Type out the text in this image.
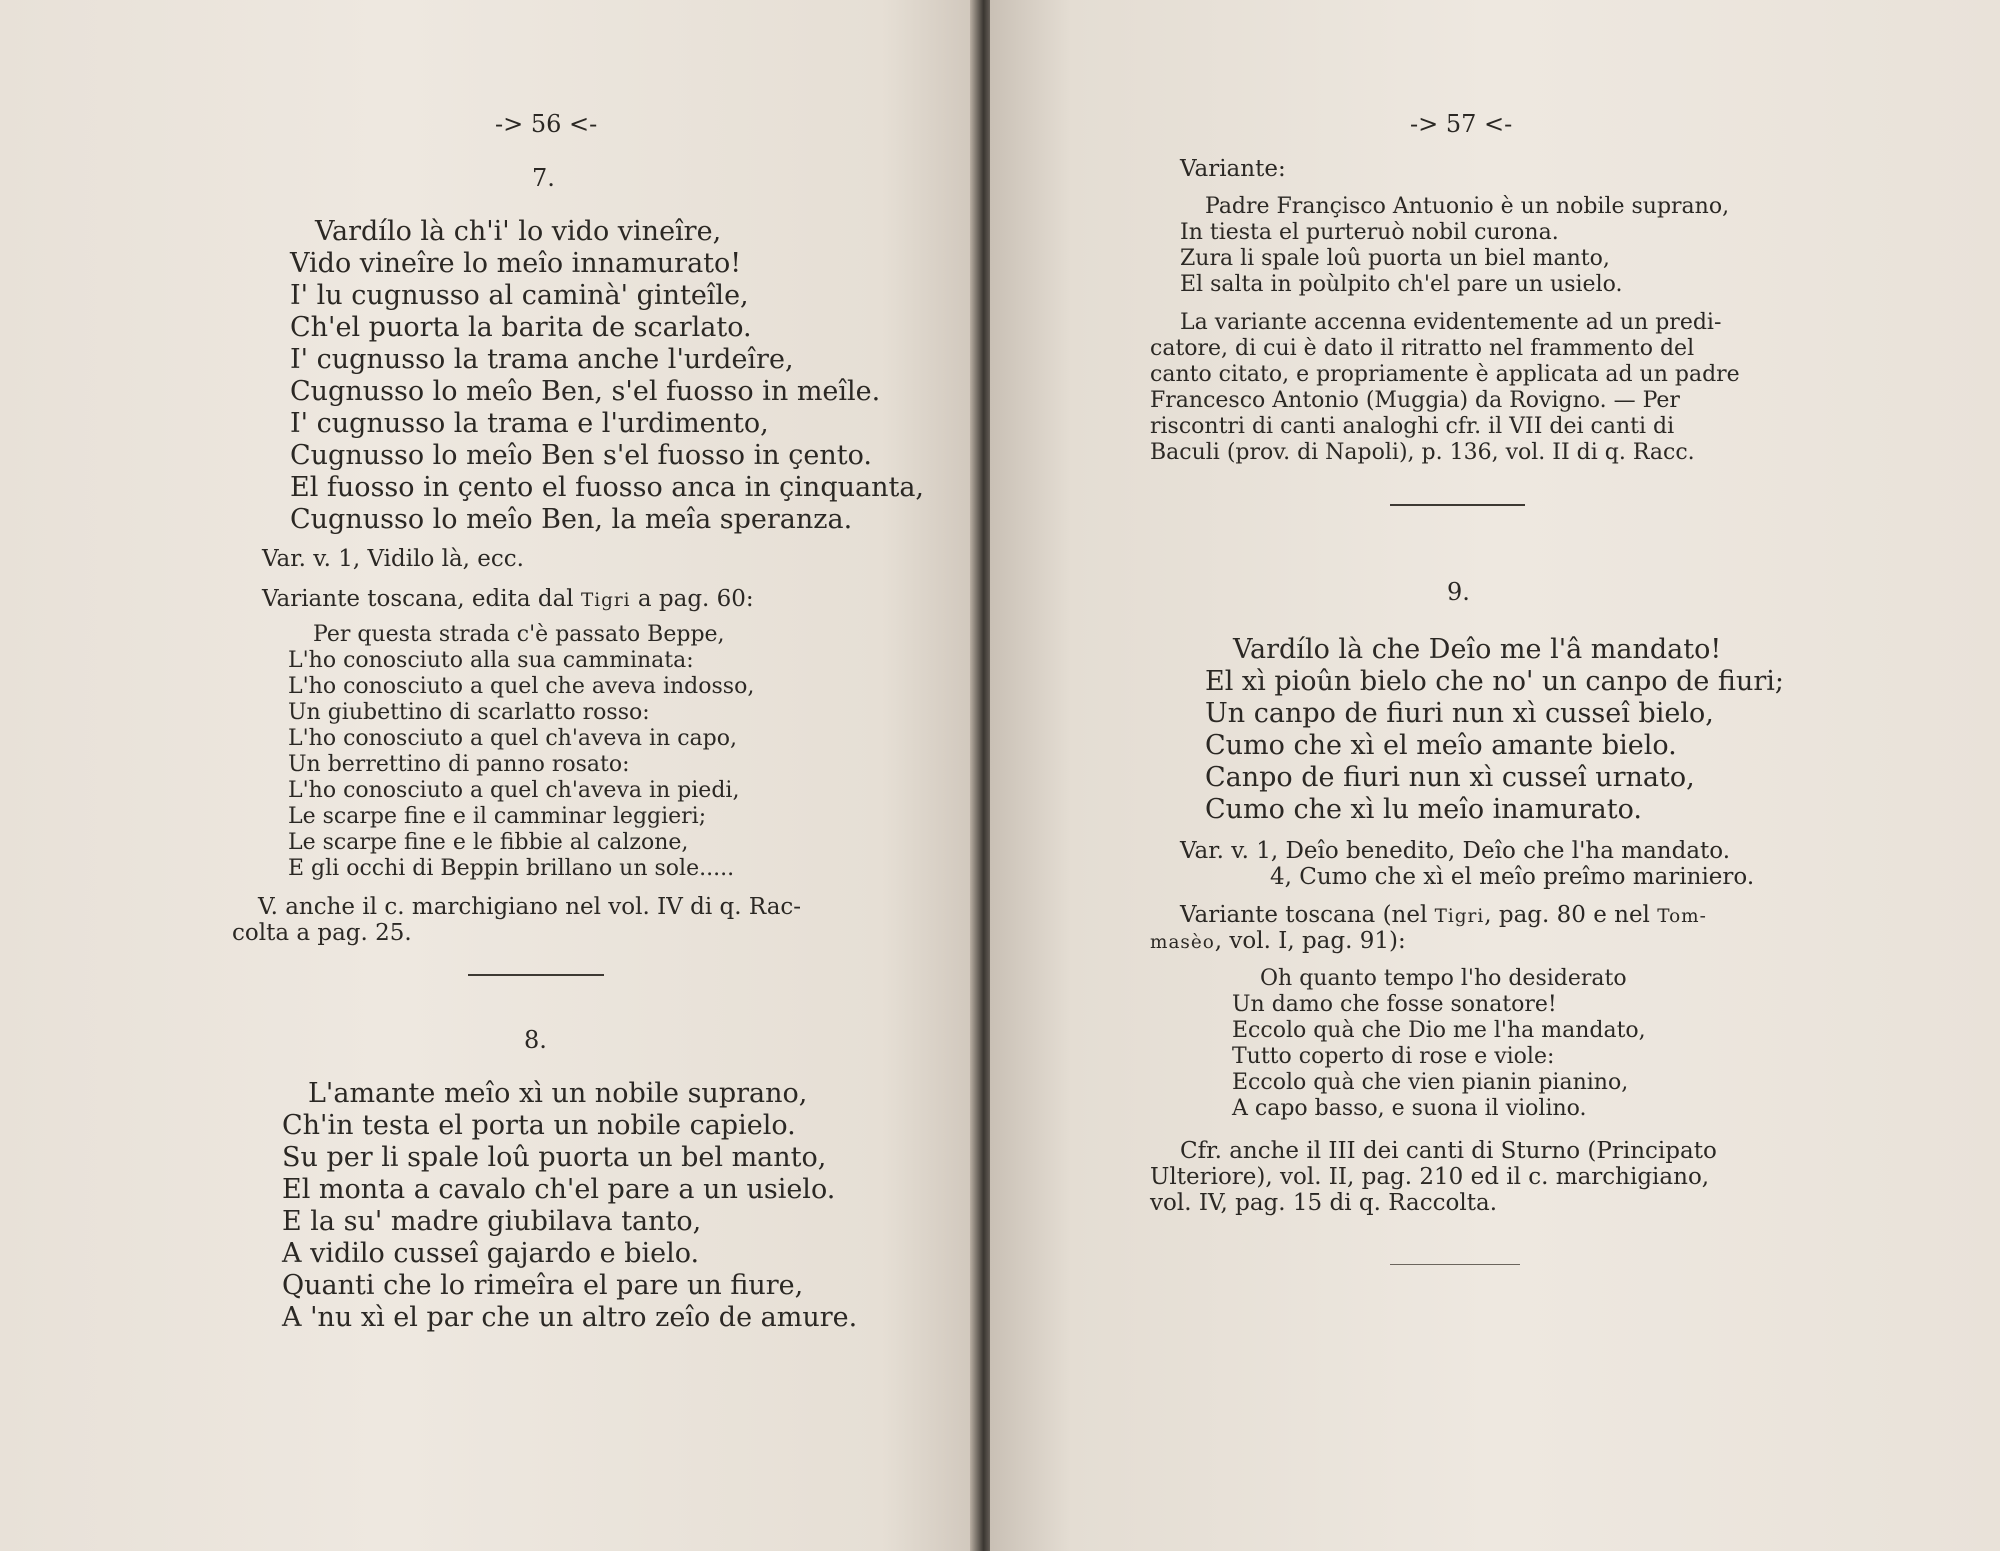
-> 56 <-
7.
Vardílo là ch'i' lo vido vineîre,
Vido vineîre lo meîo innamurato!
I' lu cugnusso al caminà' ginteîle,
Ch'el puorta la barita de scarlato.
I' cugnusso la trama anche l'urdeîre,
Cugnusso lo meîo Ben, s'el fuosso in meîle.
I' cugnusso la trama e l'urdimento,
Cugnusso lo meîo Ben s'el fuosso in çento.
El fuosso in çento el fuosso anca in çinquanta,
Cugnusso lo meîo Ben, la meîa speranza.
Var. v. 1, Vidilo là, ecc.
Variante toscana, edita dal Tigri a pag. 60:
Per questa strada c'è passato Beppe,
L'ho conosciuto alla sua camminata:
L'ho conosciuto a quel che aveva indosso,
Un giubettino di scarlatto rosso:
L'ho conosciuto a quel ch'aveva in capo,
Un berrettino di panno rosato:
L'ho conosciuto a quel ch'aveva in piedi,
Le scarpe fine e il camminar leggieri;
Le scarpe fine e le fibbie al calzone,
E gli occhi di Beppin brillano un sole.....
V. anche il c. marchigiano nel vol. IV di q. Rac-
colta a pag. 25.
8.
L'amante meîo xì un nobile suprano,
Ch'in testa el porta un nobile capielo.
Su per li spale loû puorta un bel manto,
El monta a cavalo ch'el pare a un usielo.
E la su' madre giubilava tanto,
A vidilo cusseî gajardo e bielo.
Quanti che lo rimeîra el pare un fiure,
A 'nu xì el par che un altro zeîo de amure.
-> 57 <-
Variante:
Padre Françisco Antuonio è un nobile suprano,
In tiesta el purteruò nobil curona.
Zura li spale loû puorta un biel manto,
El salta in poùlpito ch'el pare un usielo.
La variante accenna evidentemente ad un predi-
catore, di cui è dato il ritratto nel frammento del
canto citato, e propriamente è applicata ad un padre
Francesco Antonio (Muggia) da Rovigno. — Per
riscontri di canti analoghi cfr. il VII dei canti di
Baculi (prov. di Napoli), p. 136, vol. II di q. Racc.
9.
Vardílo là che Deîo me l'â mandato!
El xì pioûn bielo che no' un canpo de fiuri;
Un canpo de fiuri nun xì cusseî bielo,
Cumo che xì el meîo amante bielo.
Canpo de fiuri nun xì cusseî urnato,
Cumo che xì lu meîo inamurato.
Var. v. 1, Deîo benedito, Deîo che l'ha mandato.
4, Cumo che xì el meîo preîmo mariniero.
Variante toscana (nel Tigri, pag. 80 e nel Tom-
masèo, vol. I, pag. 91):
Oh quanto tempo l'ho desiderato
Un damo che fosse sonatore!
Eccolo quà che Dio me l'ha mandato,
Tutto coperto di rose e viole:
Eccolo quà che vien pianin pianino,
A capo basso, e suona il violino.
Cfr. anche il III dei canti di Sturno (Principato
Ulteriore), vol. II, pag. 210 ed il c. marchigiano,
vol. IV, pag. 15 di q. Raccolta.
